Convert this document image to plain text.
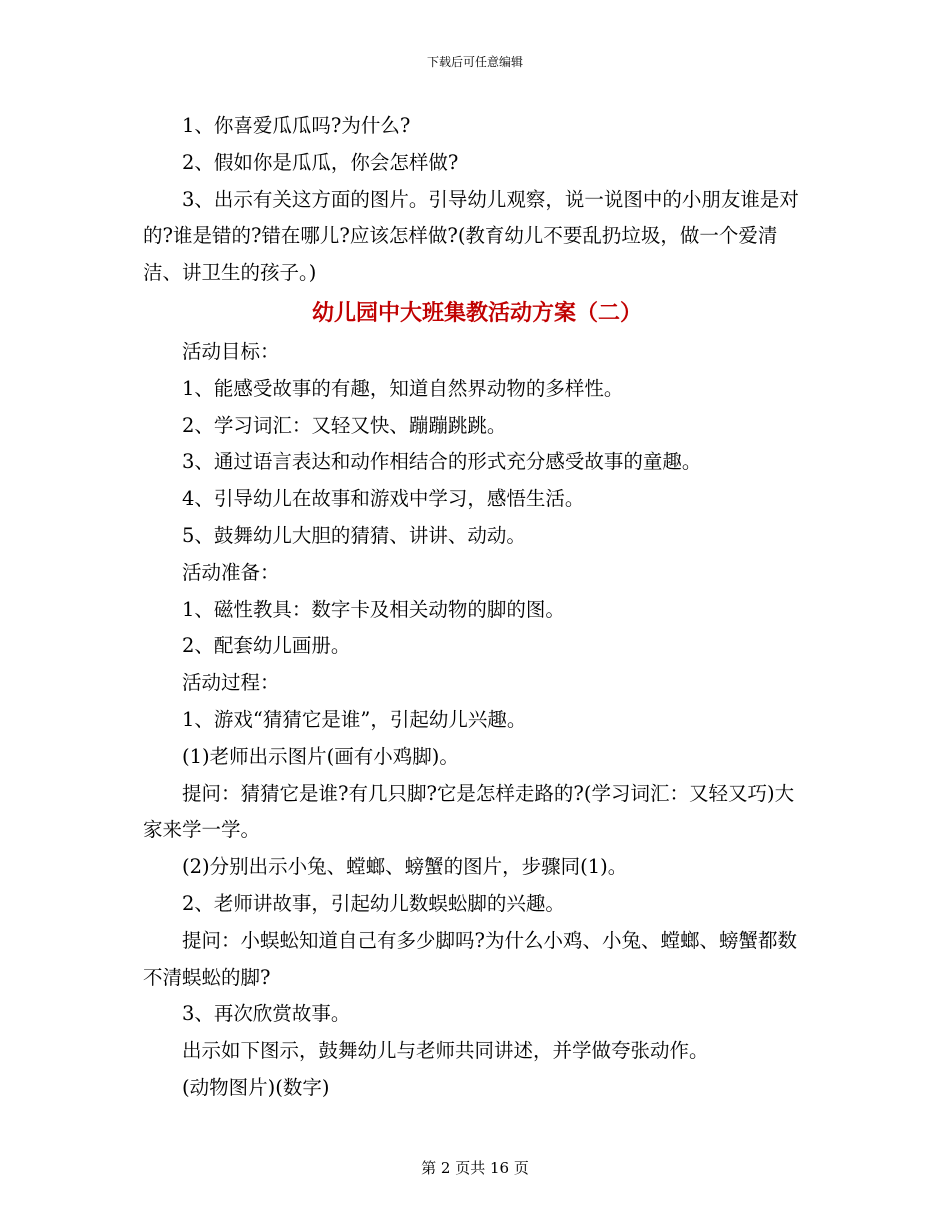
下载后可任意编辑

1、你喜爱瓜瓜吗?为什么?

2、假如你是瓜瓜，你会怎样做?

3、出示有关这方面的图片。引导幼儿观察，说一说图中的小朋友谁是对的?谁是错的?错在哪儿?应该怎样做?(教育幼儿不要乱扔垃圾，做一个爱清洁、讲卫生的孩子。)

幼儿园中大班集教活动方案（二）

活动目标：

1、能感受故事的有趣，知道自然界动物的多样性。

2、学习词汇：又轻又快、蹦蹦跳跳。

3、通过语言表达和动作相结合的形式充分感受故事的童趣。

4、引导幼儿在故事和游戏中学习，感悟生活。

5、鼓舞幼儿大胆的猜猜、讲讲、动动。

活动准备：

1、磁性教具：数字卡及相关动物的脚的图。

2、配套幼儿画册。

活动过程：

1、游戏“猜猜它是谁”，引起幼儿兴趣。

(1)老师出示图片(画有小鸡脚)。

提问：猜猜它是谁?有几只脚?它是怎样走路的?(学习词汇：又轻又巧)大家来学一学。

(2)分别出示小兔、螳螂、螃蟹的图片，步骤同(1)。

2、老师讲故事，引起幼儿数蜈蚣脚的兴趣。

提问：小蜈蚣知道自己有多少脚吗?为什么小鸡、小兔、螳螂、螃蟹都数不清蜈蚣的脚?

3、再次欣赏故事。

出示如下图示，鼓舞幼儿与老师共同讲述，并学做夸张动作。

(动物图片)(数字)

第 2 页共 16 页
